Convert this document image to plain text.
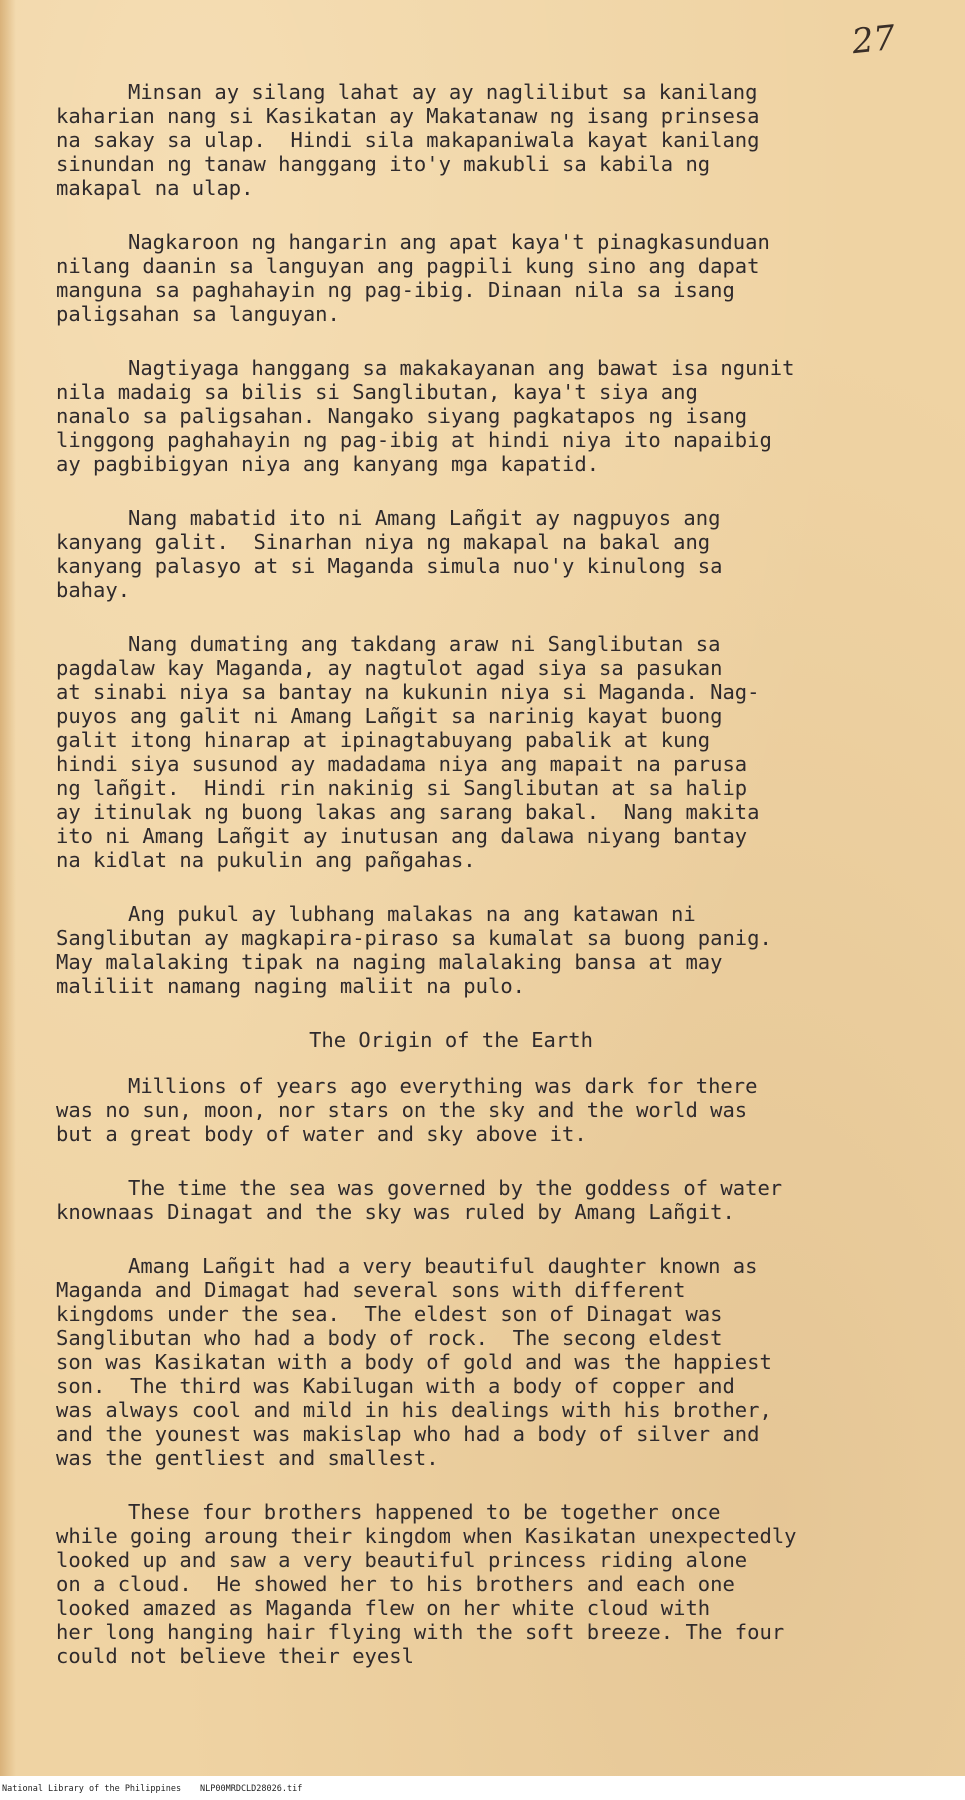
27

Minsan ay silang lahat ay ay naglilibut sa kanilang
kaharian nang si Kasikatan ay Makatanaw ng isang prinsesa
na sakay sa ulap.  Hindi sila makapaniwala kayat kanilang
sinundan ng tanaw hanggang ito'y makubli sa kabila ng
makapal na ulap.
Nagkaroon ng hangarin ang apat kaya't pinagkasunduan
nilang daanin sa languyan ang pagpili kung sino ang dapat
manguna sa paghahayin ng pag-ibig. Dinaan nila sa isang
paligsahan sa languyan.
Nagtiyaga hanggang sa makakayanan ang bawat isa ngunit
nila madaig sa bilis si Sanglibutan, kaya't siya ang
nanalo sa paligsahan. Nangako siyang pagkatapos ng isang
linggong paghahayin ng pag-ibig at hindi niya ito napaibig
ay pagbibigyan niya ang kanyang mga kapatid.
Nang mabatid ito ni Amang Lañgit ay nagpuyos ang
kanyang galit.  Sinarhan niya ng makapal na bakal ang
kanyang palasyo at si Maganda simula nuo'y kinulong sa
bahay.
Nang dumating ang takdang araw ni Sanglibutan sa
pagdalaw kay Maganda, ay nagtulot agad siya sa pasukan
at sinabi niya sa bantay na kukunin niya si Maganda. Nag-
puyos ang galit ni Amang Lañgit sa narinig kayat buong
galit itong hinarap at ipinagtabuyang pabalik at kung
hindi siya susunod ay madadama niya ang mapait na parusa
ng lañgit.  Hindi rin nakinig si Sanglibutan at sa halip
ay itinulak ng buong lakas ang sarang bakal.  Nang makita
ito ni Amang Lañgit ay inutusan ang dalawa niyang bantay
na kidlat na pukulin ang pañgahas.
Ang pukul ay lubhang malakas na ang katawan ni
Sanglibutan ay magkapira-piraso sa kumalat sa buong panig.
May malalaking tipak na naging malalaking bansa at may
maliliit namang naging maliit na pulo.
The Origin of the Earth
Millions of years ago everything was dark for there
was no sun, moon, nor stars on the sky and the world was
but a great body of water and sky above it.
The time the sea was governed by the goddess of water
knownaas Dinagat and the sky was ruled by Amang Lañgit.
Amang Lañgit had a very beautiful daughter known as
Maganda and Dimagat had several sons with different
kingdoms under the sea.  The eldest son of Dinagat was
Sanglibutan who had a body of rock.  The secong eldest
son was Kasikatan with a body of gold and was the happiest
son.  The third was Kabilugan with a body of copper and
was always cool and mild in his dealings with his brother,
and the younest was makislap who had a body of silver and
was the gentliest and smallest.
These four brothers happened to be together once
while going aroung their kingdom when Kasikatan unexpectedly
looked up and saw a very beautiful princess riding alone
on a cloud.  He showed her to his brothers and each one
looked amazed as Maganda flew on her white cloud with
her long hanging hair flying with the soft breeze. The four
could not believe their eyesl
National Library of the Philippines NLP00MRDCLD28026.tif
